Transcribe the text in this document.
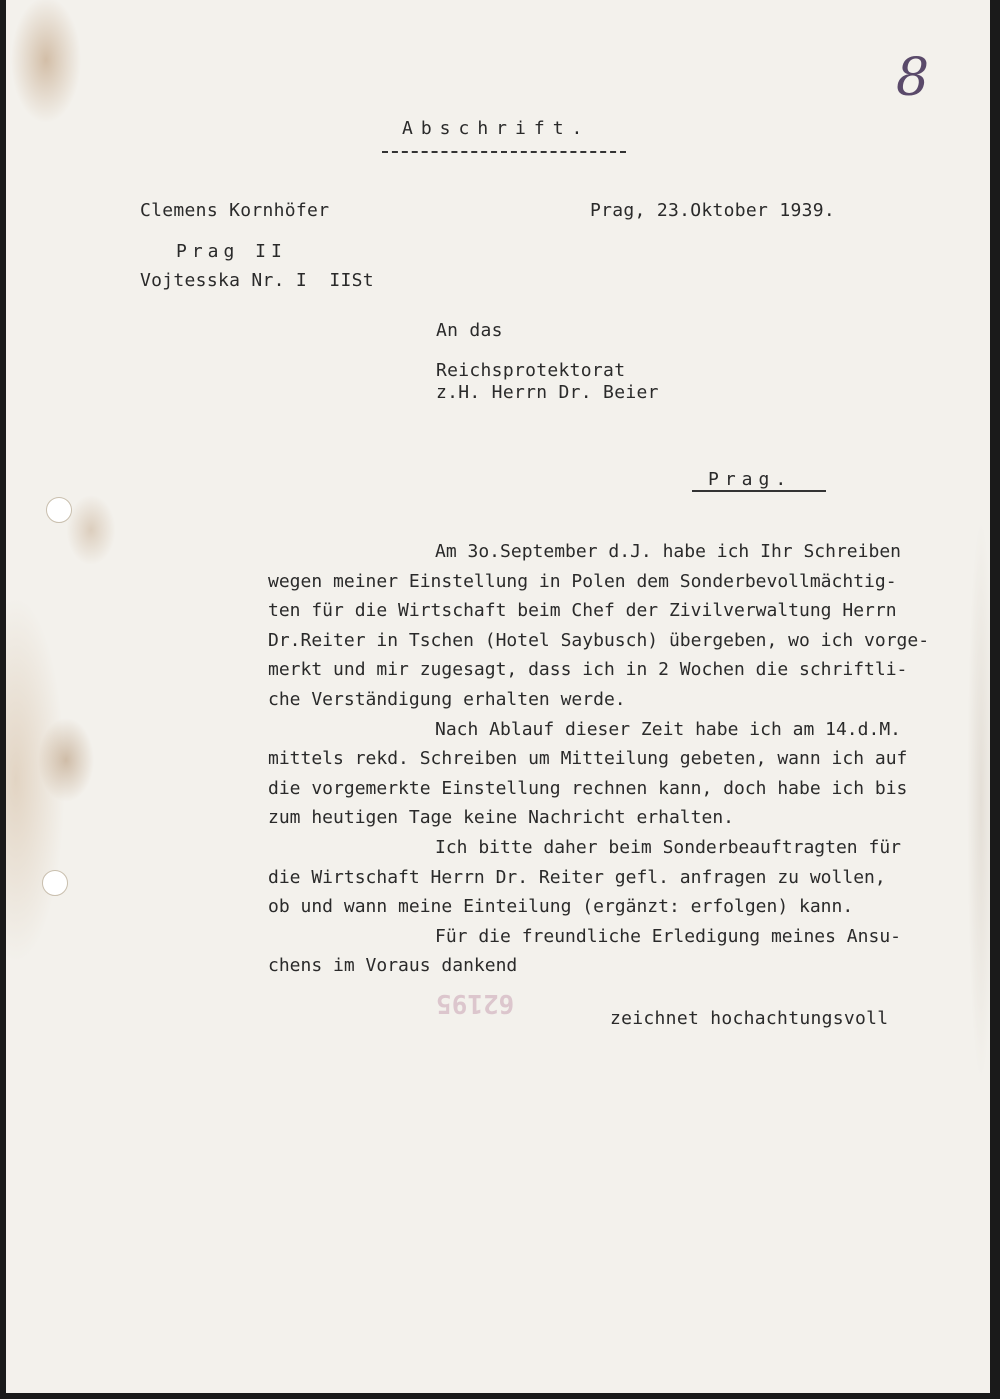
8
Abschrift.
Clemens Kornhöfer	Prag, 23.Oktober 1939.
Prag II
Vojtesska Nr. I  IISt
An das
Reichsprotektorat
z.H. Herrn Dr. Beier
Prag.
Am 3o.September d.J. habe ich Ihr Schreiben
wegen meiner Einstellung in Polen dem Sonderbevollmächtig-
ten für die Wirtschaft beim Chef der Zivilverwaltung Herrn
Dr.Reiter in Tschen (Hotel Saybusch) übergeben, wo ich vorge-
merkt und mir zugesagt, dass ich in 2 Wochen die schriftli-
che Verständigung erhalten werde.
Nach Ablauf dieser Zeit habe ich am 14.d.M.
mittels rekd. Schreiben um Mitteilung gebeten, wann ich auf
die vorgemerkte Einstellung rechnen kann, doch habe ich bis
zum heutigen Tage keine Nachricht erhalten.
Ich bitte daher beim Sonderbeauftragten für
die Wirtschaft Herrn Dr. Reiter gefl. anfragen zu wollen,
ob und wann meine Einteilung (ergänzt: erfolgen) kann.
Für die freundliche Erledigung meines Ansu-
chens im Voraus dankend
62195
zeichnet hochachtungsvoll
